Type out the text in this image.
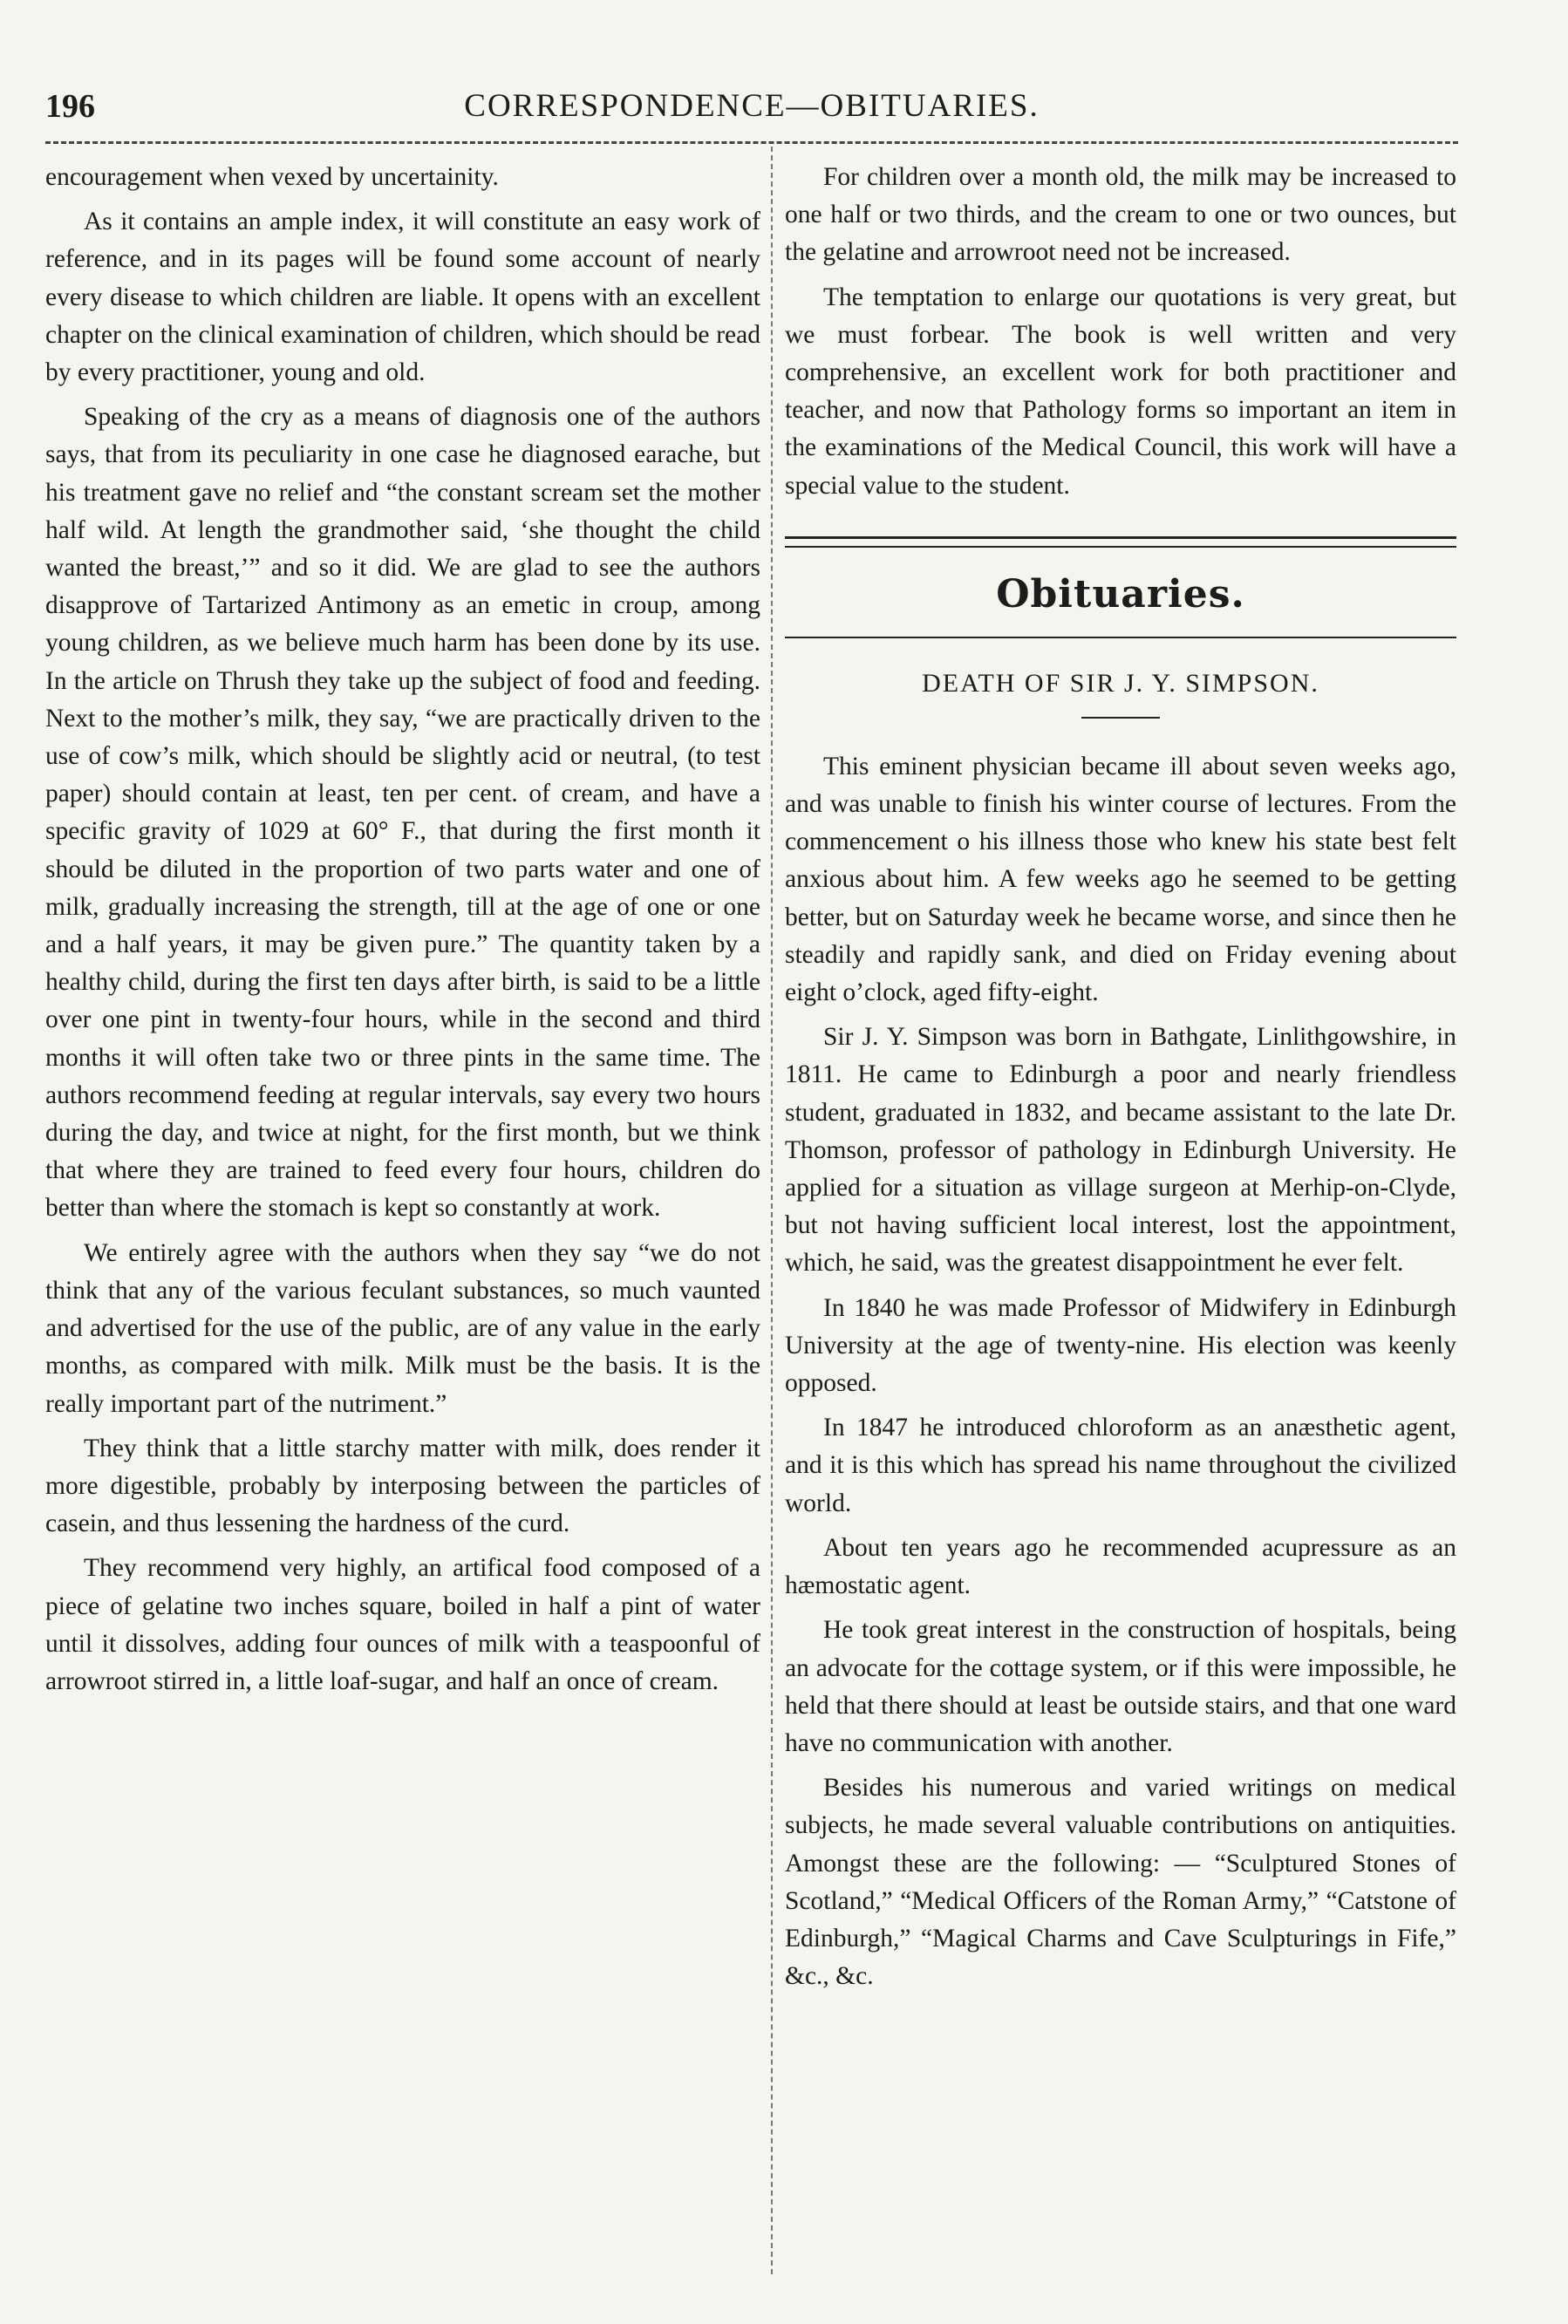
196	CORRESPONDENCE—OBITUARIES.

encouragement when vexed by uncertainity.

As it contains an ample index, it will constitute an easy work of reference, and in its pages will be found some account of nearly every disease to which children are liable. It opens with an excellent chapter on the clinical examination of children, which should be read by every practitioner, young and old.

Speaking of the cry as a means of diagnosis one of the authors says, that from its peculiarity in one case he diagnosed earache, but his treatment gave no relief and “the constant scream set the mother half wild. At length the grandmother said, ‘she thought the child wanted the breast,’” and so it did. We are glad to see the authors disapprove of Tartarized Antimony as an emetic in croup, among young children, as we believe much harm has been done by its use. In the article on Thrush they take up the subject of food and feeding. Next to the mother’s milk, they say, “we are practically driven to the use of cow’s milk, which should be slightly acid or neutral, (to test paper) should contain at least, ten per cent. of cream, and have a specific gravity of 1029 at 60° F., that during the first month it should be diluted in the proportion of two parts water and one of milk, gradually increasing the strength, till at the age of one or one and a half years, it may be given pure.” The quantity taken by a healthy child, during the first ten days after birth, is said to be a little over one pint in twenty-four hours, while in the second and third months it will often take two or three pints in the same time. The authors recommend feeding at regular intervals, say every two hours during the day, and twice at night, for the first month, but we think that where they are trained to feed every four hours, children do better than where the stomach is kept so constantly at work.

We entirely agree with the authors when they say “we do not think that any of the various feculant substances, so much vaunted and advertised for the use of the public, are of any value in the early months, as compared with milk. Milk must be the basis. It is the really important part of the nutriment.”

They think that a little starchy matter with milk, does render it more digestible, probably by interposing between the particles of casein, and thus lessening the hardness of the curd.

They recommend very highly, an artifical food composed of a piece of gelatine two inches square, boiled in half a pint of water until it dissolves, adding four ounces of milk with a teaspoonful of arrowroot stirred in, a little loaf-sugar, and half an once of cream.

For children over a month old, the milk may be increased to one half or two thirds, and the cream to one or two ounces, but the gelatine and arrowroot need not be increased.

The temptation to enlarge our quotations is very great, but we must forbear. The book is well written and very comprehensive, an excellent work for both practitioner and teacher, and now that Pathology forms so important an item in the examinations of the Medical Council, this work will have a special value to the student.

Obituaries.
DEATH OF SIR J. Y. SIMPSON.

This eminent physician became ill about seven weeks ago, and was unable to finish his winter course of lectures. From the commencement o his illness those who knew his state best felt anxious about him. A few weeks ago he seemed to be getting better, but on Saturday week he became worse, and since then he steadily and rapidly sank, and died on Friday evening about eight o’clock, aged fifty-eight.

Sir J. Y. Simpson was born in Bathgate, Linlithgowshire, in 1811. He came to Edinburgh a poor and nearly friendless student, graduated in 1832, and became assistant to the late Dr. Thomson, professor of pathology in Edinburgh University. He applied for a situation as village surgeon at Merhip-on-Clyde, but not having sufficient local interest, lost the appointment, which, he said, was the greatest disappointment he ever felt.

In 1840 he was made Professor of Midwifery in Edinburgh University at the age of twenty-nine. His election was keenly opposed.

In 1847 he introduced chloroform as an anæsthetic agent, and it is this which has spread his name throughout the civilized world.

About ten years ago he recommended acupressure as an hæmostatic agent.

He took great interest in the construction of hospitals, being an advocate for the cottage system, or if this were impossible, he held that there should at least be outside stairs, and that one ward have no communication with another.

Besides his numerous and varied writings on medical subjects, he made several valuable contributions on antiquities. Amongst these are the following: — “Sculptured Stones of Scotland,” “Medical Officers of the Roman Army,” “Catstone of Edinburgh,” “Magical Charms and Cave Sculpturings in Fife,” &c., &c.
